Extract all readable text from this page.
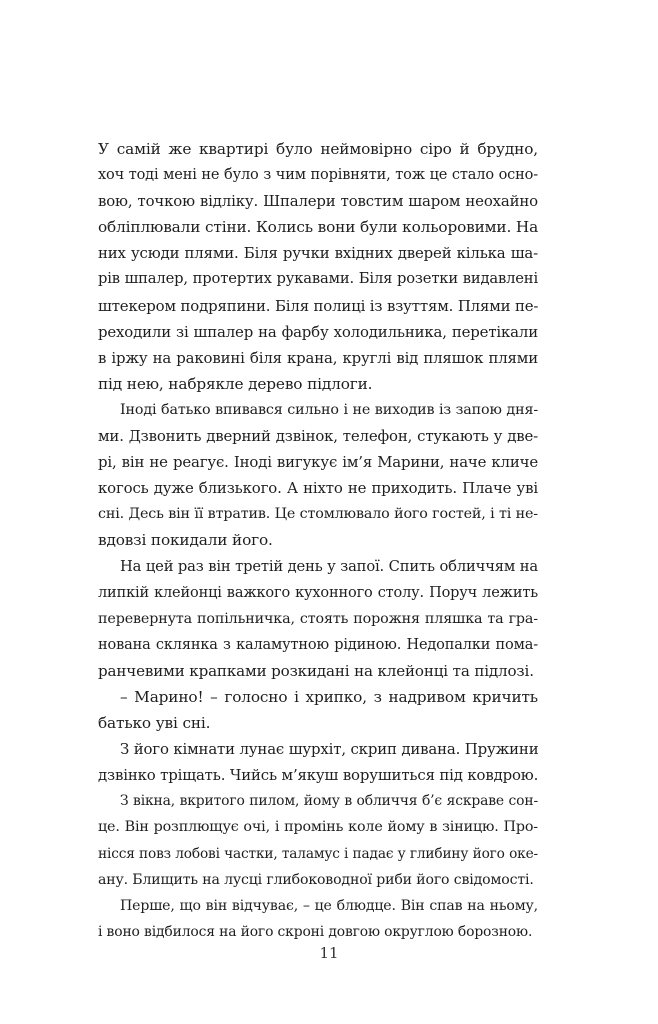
У самій же квартирі було неймовірно сіро й брудно,
хоч тоді мені не було з чим порівняти, тож це стало осно-
вою, точкою відліку. Шпалери товстим шаром неохайно
обліплювали стіни. Колись вони були кольоровими. На
них усюди плями. Біля ручки вхідних дверей кілька ша-
рів шпалер, протертих рукавами. Біля розетки видавлені
штекером подряпини. Біля полиці із взуттям. Плями пе-
реходили зі шпалер на фарбу холодильника, перетікали
в іржу на раковині біля крана, круглі від пляшок плями
під нею, набрякле дерево підлоги.
Іноді батько впивався сильно і не виходив із запою дня-
ми. Дзвонить дверний дзвінок, телефон, стукають у две-
рі, він не реагує. Іноді вигукує ім’я Марини, наче кличе
когось дуже близького. А ніхто не приходить. Плаче уві
сні. Десь він її втратив. Це стомлювало його гостей, і ті не-
вдовзі покидали його.
На цей раз він третій день у запої. Спить обличчям на
липкій клейонці важкого кухонного столу. Поруч лежить
перевернута попільничка, стоять порожня пляшка та гра-
нована склянка з каламутною рідиною. Недопалки пома-
ранчевими крапками розкидані на клейонці та підлозі.
– Марино! – голосно і хрипко, з надривом кричить
батько уві сні.
З його кімнати лунає шурхіт, скрип дивана. Пружини
дзвінко тріщать. Чийсь м’якуш ворушиться під ковдрою.
З вікна, вкритого пилом, йому в обличчя б’є яскраве сон-
це. Він розплющує очі, і промінь коле йому в зіницю. Про-
нісся повз лобові частки, таламус і падає у глибину його оке-
ану. Блищить на лусці глибоководної риби його свідомості.
Перше, що він відчуває, – це блюдце. Він спав на ньому,
і воно відбилося на його скроні довгою округлою борозною.
11
